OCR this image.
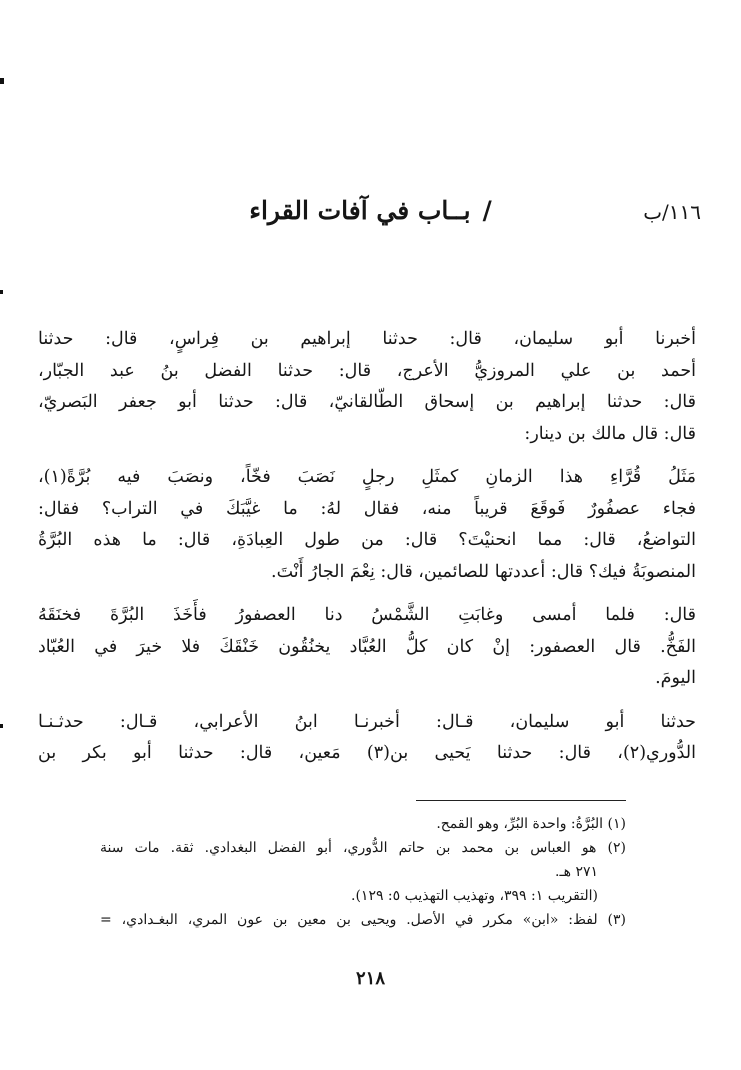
١١٦/ب
/بــاب في آفات القراء

أخبرنا أبو سليمان، قال: حدثنا إبراهيم بن فِراسٍ، قال: حدثنا
أحمد بن علي المروزيُّ الأعرج، قال: حدثنا الفضل بنُ عبد الجبّار،
قال: حدثنا إبراهيم بن إسحاق الطّالقانيّ، قال: حدثنا أبو جعفر البَصريّ،
قال: قال مالك بن دينار:

مَثَلُ قُرَّاءِ هذا الزمانِ كمثَلِ رجلٍ نَصَبَ فخّاً، ونصَبَ فيه بُرَّةً(١)،
فجاء عصفُورٌ فَوقَعَ قريباً منه، فقال لهُ: ما غيَّبَكَ في التراب؟ فقال:
التواضعُ، قال: مما انحنيْتَ؟ قال: من طول العِبادَةِ، قال: ما هذه البُرَّةُ
المنصوبَةُ فيك؟ قال: أعددتها للصائمين، قال: نِعْمَ الجارُ أَنْتَ.

قال: فلما أمسى وغابَتِ الشَّمْسُ دنا العصفورُ فأَخَذَ البُرَّةَ فخنَقَهُ
الفَخُّ. قال العصفور: إنْ كان كلُّ العُبَّاد يخنُقُون خَنْقَكَ فلا خيرَ في العُبّاد
اليومَ.

حدثنا أبو سليمان، قـال: أخبرنـا ابنُ الأعرابي، قـال: حدثـنـا
الدُّوري(٢)، قال: حدثنا يَحيى بن(٣) مَعين، قال: حدثنا أبو بكر بن

(١) البُرَّةُ: واحدة البُرِّ، وهو القمح.
(٢) هو العباس بن محمد بن حاتم الدُّوري، أبو الفضل البغدادي. ثقة. مات سنة
٢٧١ هـ.
(التقريب ١: ٣٩٩، وتهذيب التهذيب ٥: ١٢٩).
(٣) لفظ: «ابن» مكرر في الأصل. ويحيى بن معين بن عون المري، البغـدادي، =
٢١٨
